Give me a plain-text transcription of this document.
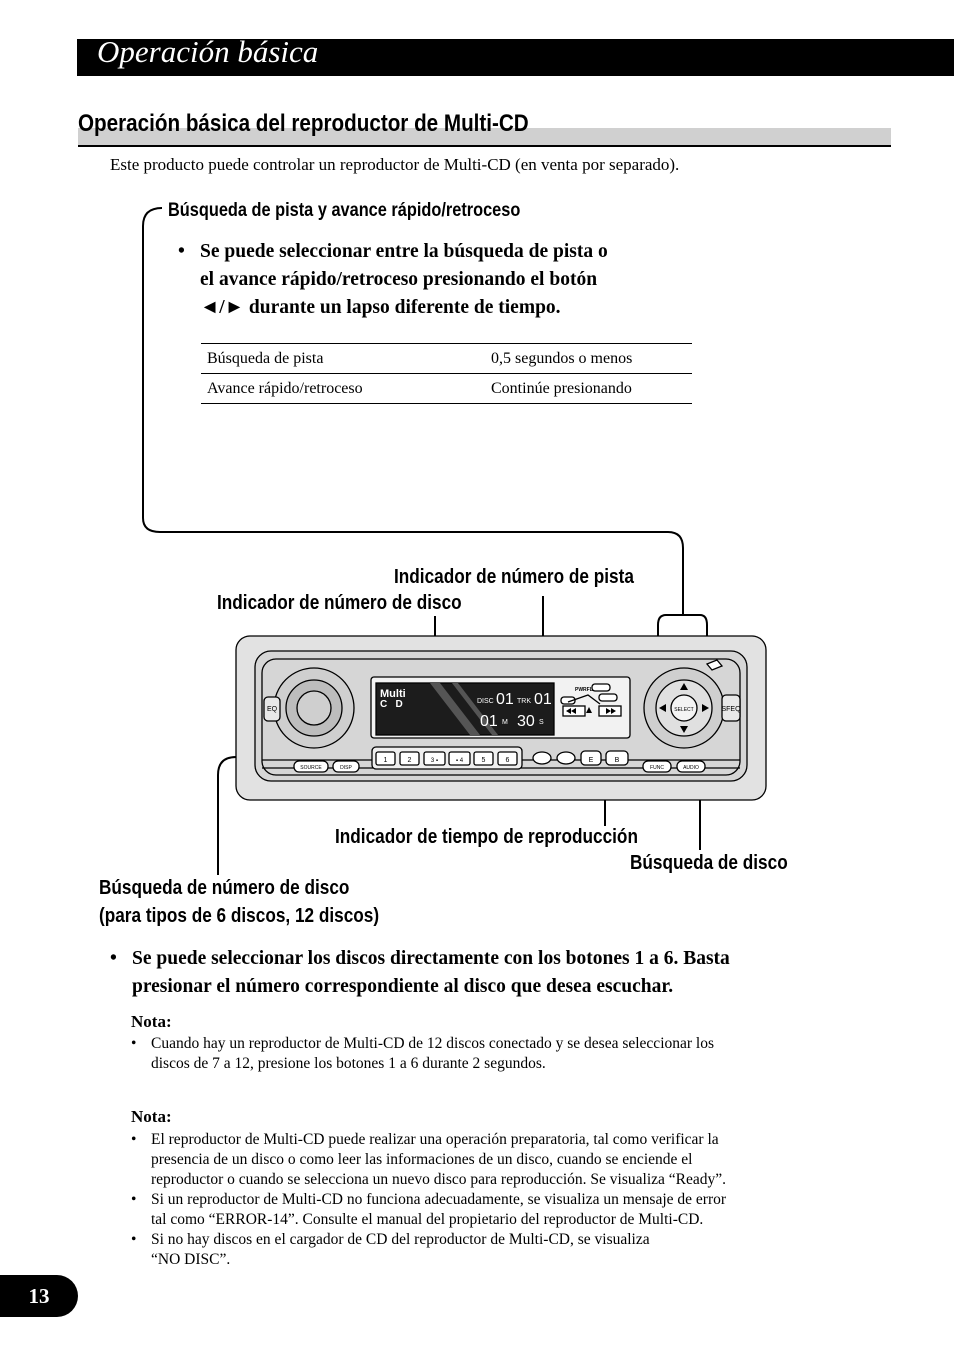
Operación básica
Operación básica del reproductor de Multi-CD
Este producto puede controlar un reproductor de Multi-CD (en venta por separado).
Búsqueda de pista y avance rápido/retroceso
• Se puede seleccionar entre la búsqueda de pista o
el avance rápido/retroceso presionando el botón
◄/► durante un lapso diferente de tiempo.
Búsqueda de pista	0,5 segundos o menos
Avance rápido/retroceso	Continúe presionando
EQ	SFEQ
SELECT
SOURCE	DISP	FUNC	AUDIO
PWRFL
1	2	3 ▪	▪ 4	5	6	E	B
Multi
C   D	DISC 01 TRK 01
01 M 30 S
Indicador de número de pista
Indicador de número de disco
Indicador de tiempo de reproducción
Búsqueda de disco
Búsqueda de número de disco
(para tipos de 6 discos, 12 discos)
• Se puede seleccionar los discos directamente con los botones 1 a 6. Basta
presionar el número correspondiente al disco que desea escuchar.
Nota:
• Cuando hay un reproductor de Multi-CD de 12 discos conectado y se desea seleccionar los
discos de 7 a 12, presione los botones 1 a 6 durante 2 segundos.
Nota:
• El reproductor de Multi-CD puede realizar una operación preparatoria, tal como verificar la
presencia de un disco o como leer las informaciones de un disco, cuando se enciende el
reproductor o cuando se selecciona un nuevo disco para reproducción. Se visualiza “Ready”.
• Si un reproductor de Multi-CD no funciona adecuadamente, se visualiza un mensaje de error
tal como “ERROR-14”. Consulte el manual del propietario del reproductor de Multi-CD.
• Si no hay discos en el cargador de CD del reproductor de Multi-CD, se visualiza
“NO DISC”.
13
